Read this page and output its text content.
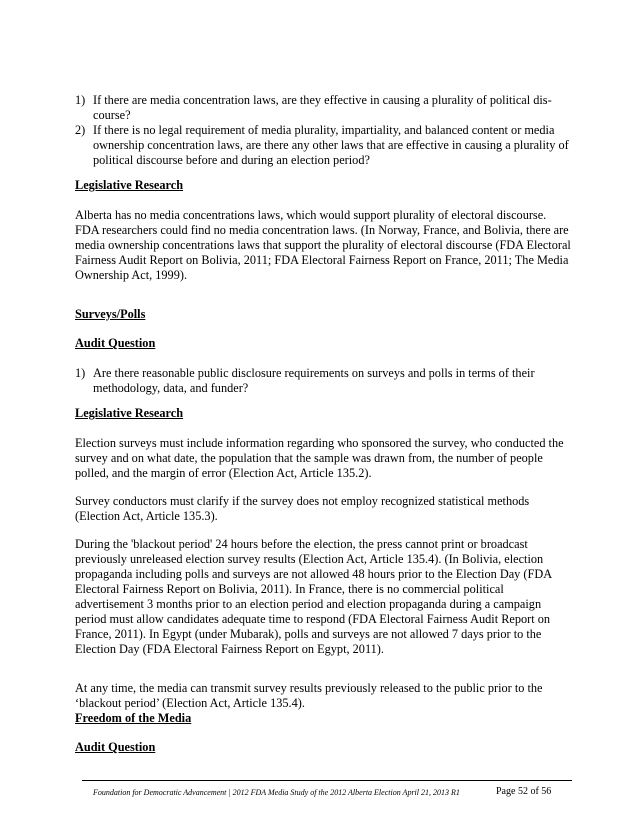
1) If there are media concentration laws, are they effective in causing a plurality of political dis-
course?
2) If there is no legal requirement of media plurality, impartiality, and balanced content or media
ownership concentration laws, are there any other laws that are effective in causing a plurality of
political discourse before and during an election period?
Legislative Research
Alberta has no media concentrations laws, which would support plurality of electoral discourse.
FDA researchers could find no media concentration laws. (In Norway, France, and Bolivia, there are
media ownership concentrations laws that support the plurality of electoral discourse (FDA Electoral
Fairness Audit Report on Bolivia, 2011; FDA Electoral Fairness Report on France, 2011; The Media
Ownership Act, 1999).
Surveys/Polls
Audit Question
1) Are there reasonable public disclosure requirements on surveys and polls in terms of their
methodology, data, and funder?
Legislative Research
Election surveys must include information regarding who sponsored the survey, who conducted the
survey and on what date, the population that the sample was drawn from, the number of people
polled, and the margin of error (Election Act, Article 135.2).
Survey conductors must clarify if the survey does not employ recognized statistical methods
(Election Act, Article 135.3).
During the 'blackout period' 24 hours before the election, the press cannot print or broadcast
previously unreleased election survey results (Election Act, Article 135.4). (In Bolivia, election
propaganda including polls and surveys are not allowed 48 hours prior to the Election Day (FDA
Electoral Fairness Report on Bolivia, 2011). In France, there is no commercial political
advertisement 3 months prior to an election period and election propaganda during a campaign
period must allow candidates adequate time to respond (FDA Electoral Fairness Audit Report on
France, 2011). In Egypt (under Mubarak), polls and surveys are not allowed 7 days prior to the
Election Day (FDA Electoral Fairness Report on Egypt, 2011).
At any time, the media can transmit survey results previously released to the public prior to the
‘blackout period’ (Election Act, Article 135.4).
Freedom of the Media
Audit Question
Foundation for Democratic Advancement | 2012 FDA Media Study of the 2012 Alberta Election April 21, 2013 R1	Page 52 of 56
